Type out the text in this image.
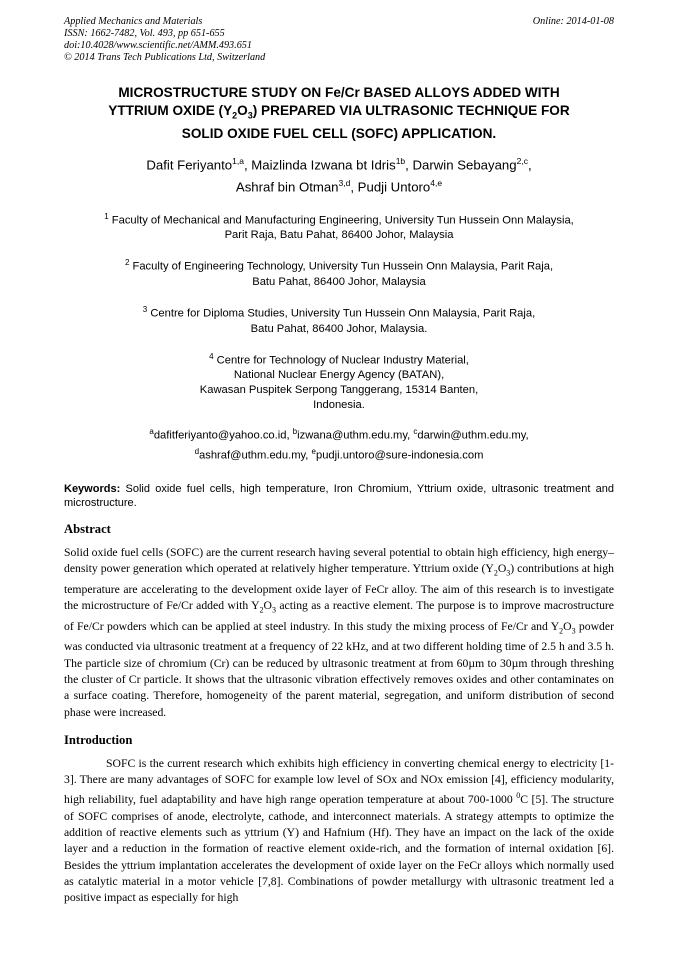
Applied Mechanics and Materials
ISSN: 1662-7482, Vol. 493, pp 651-655
doi:10.4028/www.scientific.net/AMM.493.651
© 2014 Trans Tech Publications Ltd, Switzerland
Online: 2014-01-08
MICROSTRUCTURE STUDY ON Fe/Cr BASED ALLOYS ADDED WITH
YTTRIUM OXIDE $(Y_2O_3)$ PREPARED VIA ULTRASONIC TECHNIQUE FOR
SOLID OXIDE FUEL CELL (SOFC) APPLICATION.
Dafit Feriyanto$^{1,a}$, Maizlinda Izwana bt Idris$^{1b}$, Darwin Sebayang$^{2,c}$,
Ashraf bin Otman$^{3,d}$, Pudji Untoro$^{4,e}$
$^1$ Faculty of Mechanical and Manufacturing Engineering, University Tun Hussein Onn Malaysia,
Parit Raja, Batu Pahat, 86400 Johor, Malaysia
$^2$ Faculty of Engineering Technology, University Tun Hussein Onn Malaysia, Parit Raja,
Batu Pahat, 86400 Johor, Malaysia
$^3$ Centre for Diploma Studies, University Tun Hussein Onn Malaysia, Parit Raja,
Batu Pahat, 86400 Johor, Malaysia.
$^4$ Centre for Technology of Nuclear Industry Material,
National Nuclear Energy Agency (BATAN),
Kawasan Puspitek Serpong Tanggerang, 15314 Banten,
Indonesia.
$^a$dafitferiyanto@yahoo.co.id, $^b$izwana@uthm.edu.my, $^c$darwin@uthm.edu.my,
$^d$ashraf@uthm.edu.my, $^e$pudji.untoro@sure-indonesia.com
Keywords: Solid oxide fuel cells, high temperature, Iron Chromium, Yttrium oxide, ultrasonic treatment and microstructure.
Abstract

Solid oxide fuel cells (SOFC) are the current research having several potential to obtain high efficiency, high energy–density power generation which operated at relatively higher temperature. Yttrium oxide $(Y_2O_3)$ contributions at high temperature are accelerating to the development oxide layer of FeCr alloy. The aim of this research is to investigate the microstructure of Fe/Cr added with $Y_2O_3$ acting as a reactive element. The purpose is to improve macrostructure of Fe/Cr powders which can be applied at steel industry. In this study the mixing process of Fe/Cr and $Y_2O_3$ powder was conducted via ultrasonic treatment at a frequency of 22 kHz, and at two different holding time of 2.5 h and 3.5 h. The particle size of chromium (Cr) can be reduced by ultrasonic treatment at from 60µm to 30µm through threshing the cluster of Cr particle. It shows that the ultrasonic vibration effectively removes oxides and other contaminates on a surface coating. Therefore, homogeneity of the parent material, segregation, and uniform distribution of second phase were increased.

Introduction

SOFC is the current research which exhibits high efficiency in converting chemical energy to electricity [1-3]. There are many advantages of SOFC for example low level of SOx and NOx emission [4], efficiency modularity, high reliability, fuel adaptability and have high range operation temperature at about 700-1000 $^0$C [5]. The structure of SOFC comprises of anode, electrolyte, cathode, and interconnect materials. A strategy attempts to optimize the addition of reactive elements such as yttrium (Y) and Hafnium (Hf). They have an impact on the lack of the oxide layer and a reduction in the formation of reactive element oxide-rich, and the formation of internal oxidation [6]. Besides the yttrium implantation accelerates the development of oxide layer on the FeCr alloys which normally used as catalytic material in a motor vehicle [7,8]. Combinations of powder metallurgy with ultrasonic treatment led a positive impact as especially for high
